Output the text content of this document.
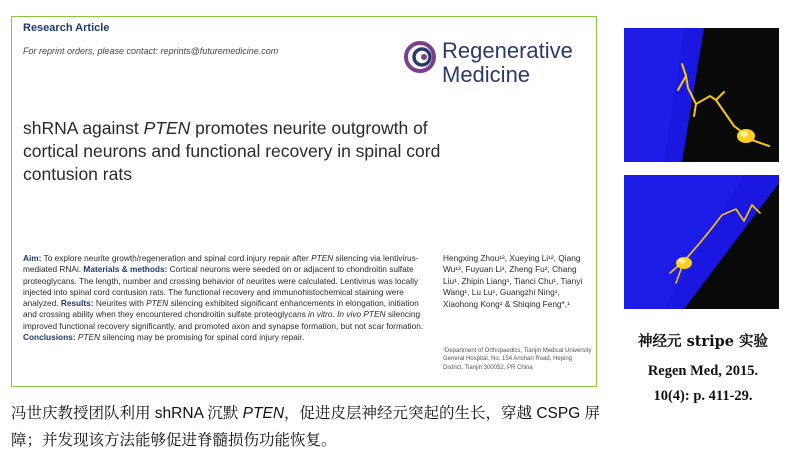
Research Article
For reprint orders, please contact: reprints@futuremedicine.com	Regenerative
Medicine
shRNA against PTEN promotes neurite outgrowth of cortical neurons and functional recovery in spinal cord contusion rats

Aim: To explore neurite growth/regeneration and spinal cord injury repair after PTEN silencing via lentivirus-mediated RNAi. Materials & methods: Cortical neurons were seeded on or adjacent to chondroitin sulfate proteoglycans. The length, number and crossing behavior of neurites were calculated. Lentivirus was locally injected into spinal cord contusion rats. The functional recovery and immunohistochemical staining were analyzed. Results: Neurites with PTEN silencing exhibited significant enhancements in elongation, initiation and crossing ability when they encountered chondroitin sulfate proteoglycans in vitro. In vivo PTEN silencing improved functional recovery significantly, and promoted axon and synapse formation, but not scar formation.
Conclusions: PTEN silencing may be promising for spinal cord injury repair.

Hengxing Zhou¹², Xueying Li¹², Qiang Wu¹³, Fuyuan Li¹, Zheng Fu², Chang Liu¹, Zhipin Liang¹, Tianci Chu¹, Tianyi Wang¹, Lu Lu¹, Guangzhi Ning¹, Xiaohong Kong¹ & Shiqing Feng*,¹

¹Department of Orthopaedics, Tianjin Medical University General Hospital, No. 154 Anshan Road, Heping District, Tianjin 300052, PR China

神经元 stripe 实验
Regen Med, 2015.
10(4): p. 411-29.

冯世庆教授团队利用 shRNA 沉默 PTEN，促进皮层神经元突起的生长，穿越 CSPG 屏障；并发现该方法能够促进脊髓损伤功能恢复。
